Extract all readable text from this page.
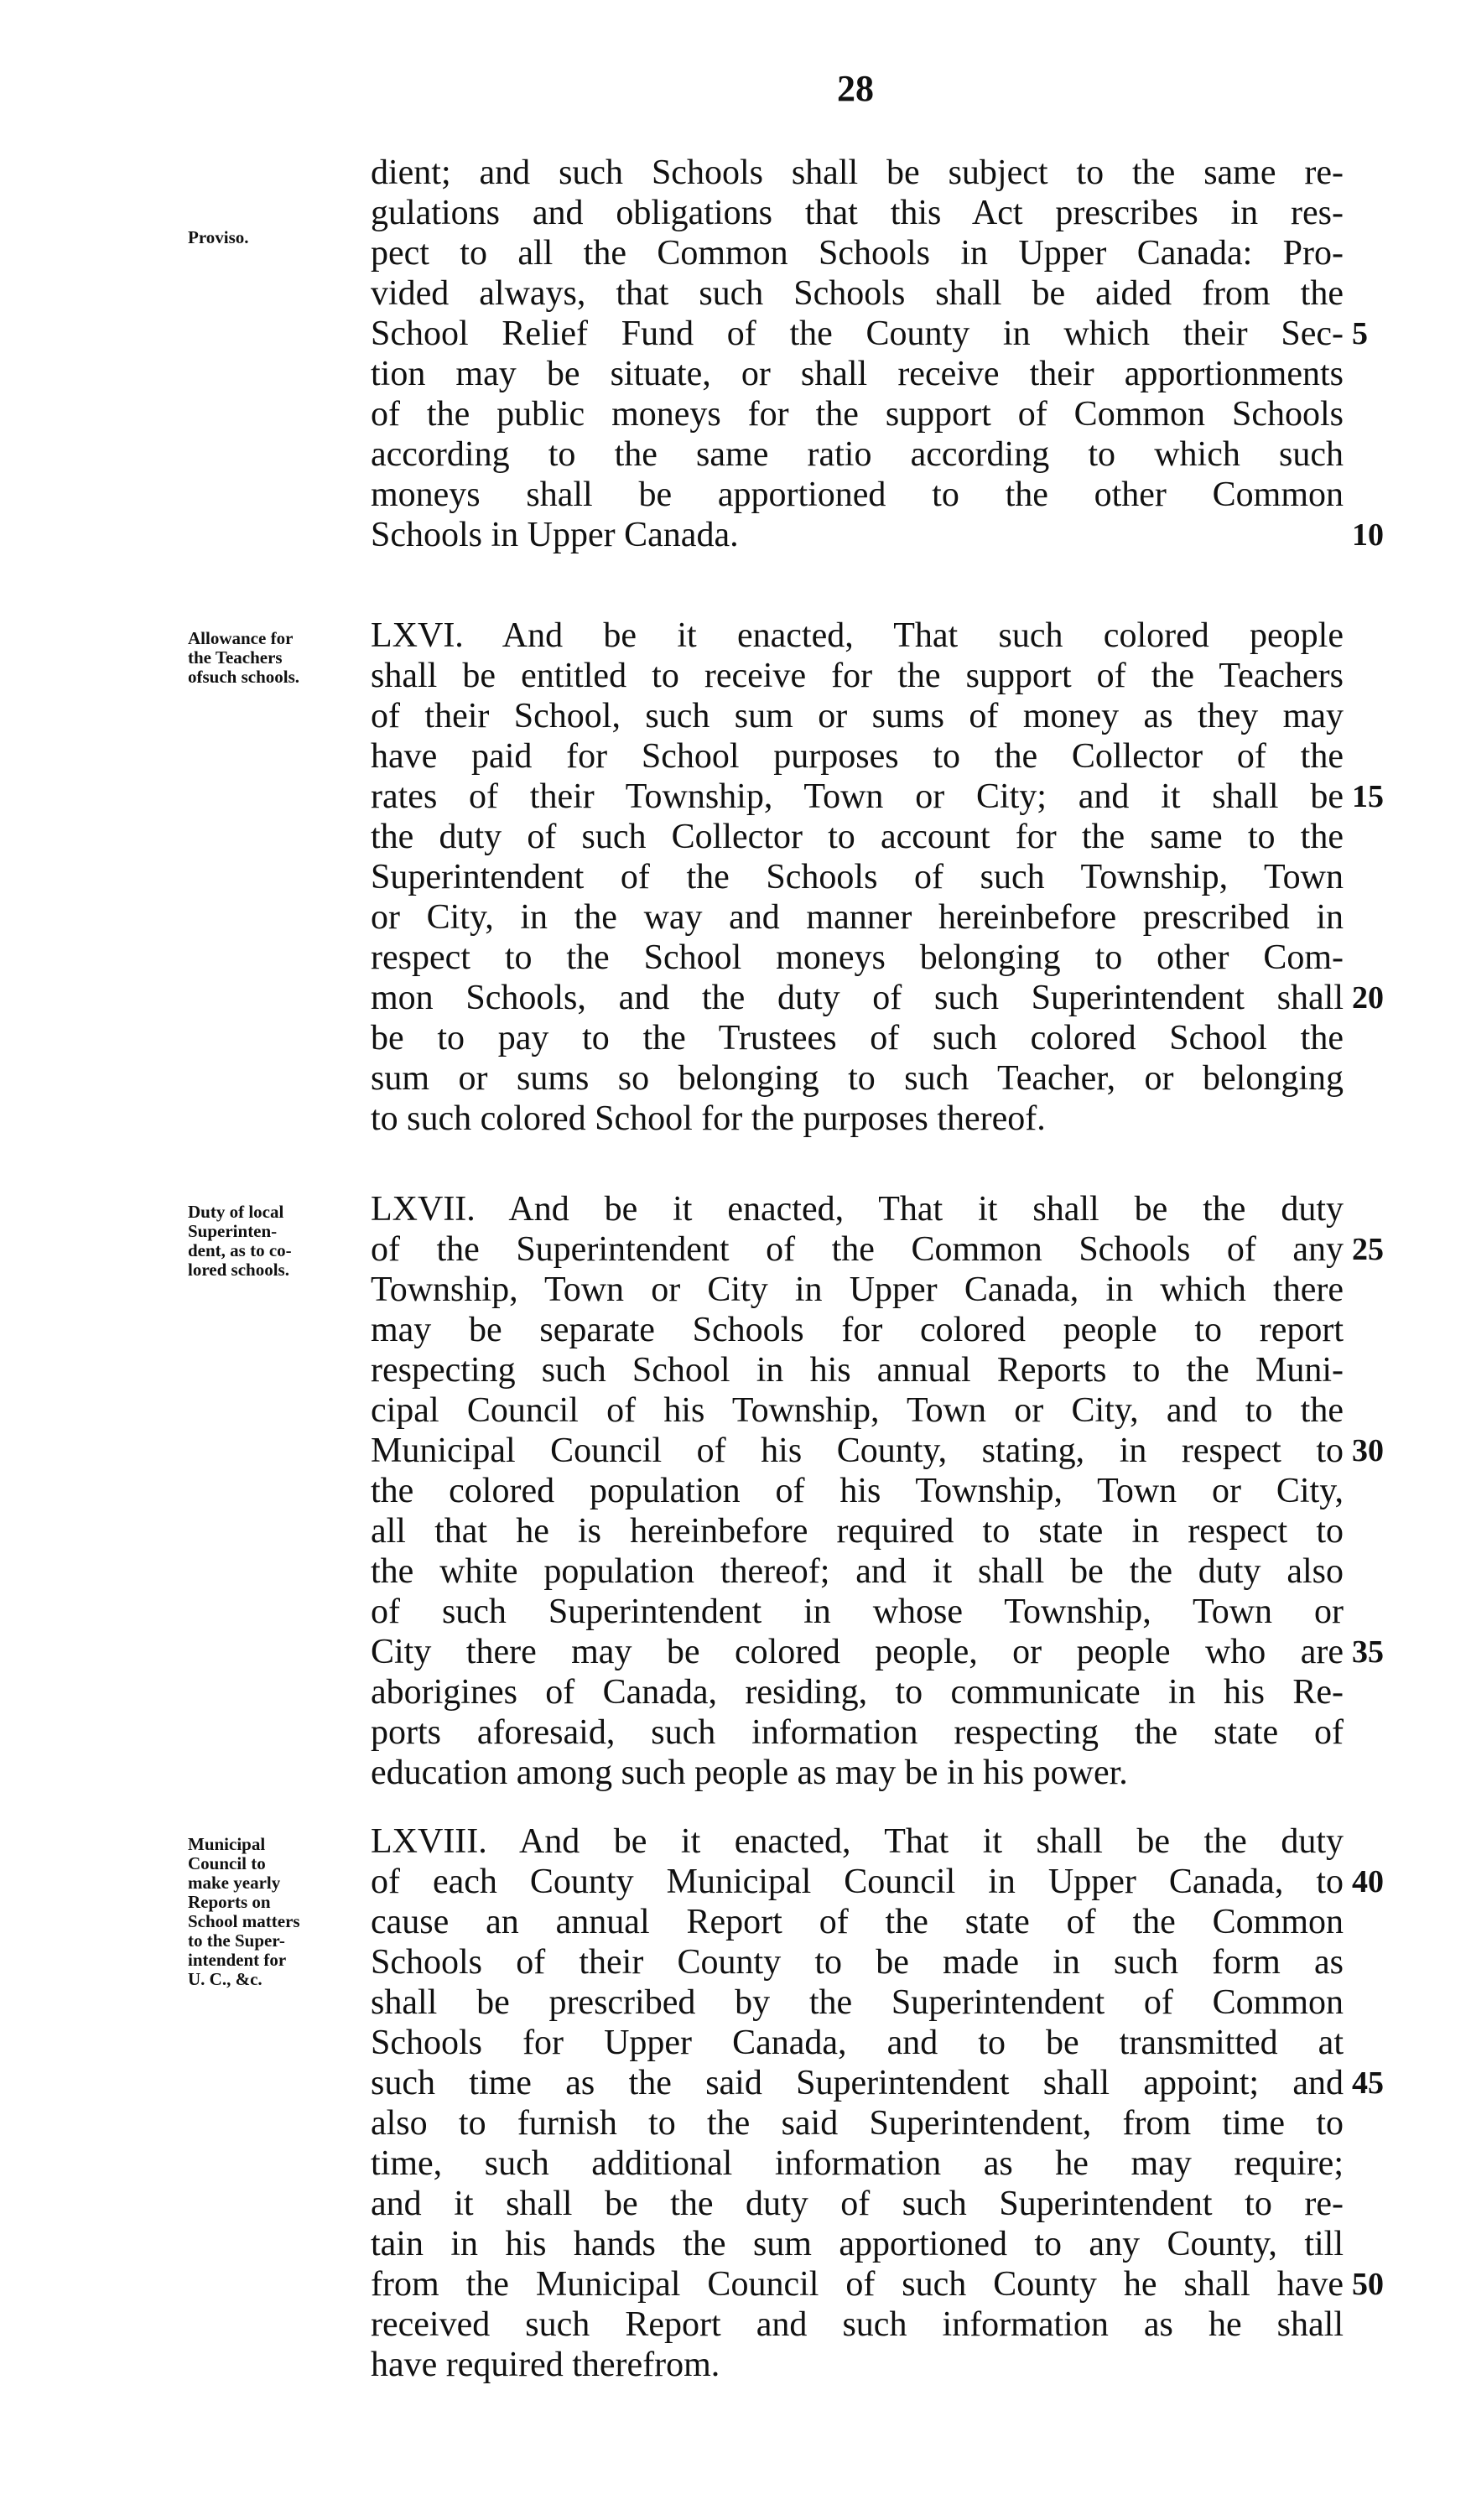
28
Proviso.
dient; and such Schools shall be subject to the same re-
gulations and obligations that this Act prescribes in res-
pect to all the Common Schools in Upper Canada: Pro-
vided always, that such Schools shall be aided from the
School Relief Fund of the County in which their Sec-
tion may be situate, or shall receive their apportionments
of the public moneys for the support of Common Schools
according to the same ratio according to which such
moneys shall be apportioned to the other Common
Schools in Upper Canada.
5
10
Allowance for
the Teachers
ofsuch schools.
LXVI. And be it enacted, That such colored people
shall be entitled to receive for the support of the Teachers
of their School, such sum or sums of money as they may
have paid for School purposes to the Collector of the
rates of their Township, Town or City; and it shall be
the duty of such Collector to account for the same to the
Superintendent of the Schools of such Township, Town
or City, in the way and manner hereinbefore prescribed in
respect to the School moneys belonging to other Com-
mon Schools, and the duty of such Superintendent shall
be to pay to the Trustees of such colored School the
sum or sums so belonging to such Teacher, or belonging
to such colored School for the purposes thereof.
15
20
Duty of local
Superinten-
dent, as to co-
lored schools.
LXVII. And be it enacted, That it shall be the duty
of the Superintendent of the Common Schools of any
Township, Town or City in Upper Canada, in which there
may be separate Schools for colored people to report
respecting such School in his annual Reports to the Muni-
cipal Council of his Township, Town or City, and to the
Municipal Council of his County, stating, in respect to
the colored population of his Township, Town or City,
all that he is hereinbefore required to state in respect to
the white population thereof; and it shall be the duty also
of such Superintendent in whose Township, Town or
City there may be colored people, or people who are
aborigines of Canada, residing, to communicate in his Re-
ports aforesaid, such information respecting the state of
education among such people as may be in his power.
25
30
35
Municipal
Council to
make yearly
Reports on
School matters
to the Super-
intendent for
U. C., &c.
LXVIII. And be it enacted, That it shall be the duty
of each County Municipal Council in Upper Canada, to
cause an annual Report of the state of the Common
Schools of their County to be made in such form as
shall be prescribed by the Superintendent of Common
Schools for Upper Canada, and to be transmitted at
such time as the said Superintendent shall appoint; and
also to furnish to the said Superintendent, from time to
time, such additional information as he may require;
and it shall be the duty of such Superintendent to re-
tain in his hands the sum apportioned to any County, till
from the Municipal Council of such County he shall have
received such Report and such information as he shall
have required therefrom.
40
45
50
